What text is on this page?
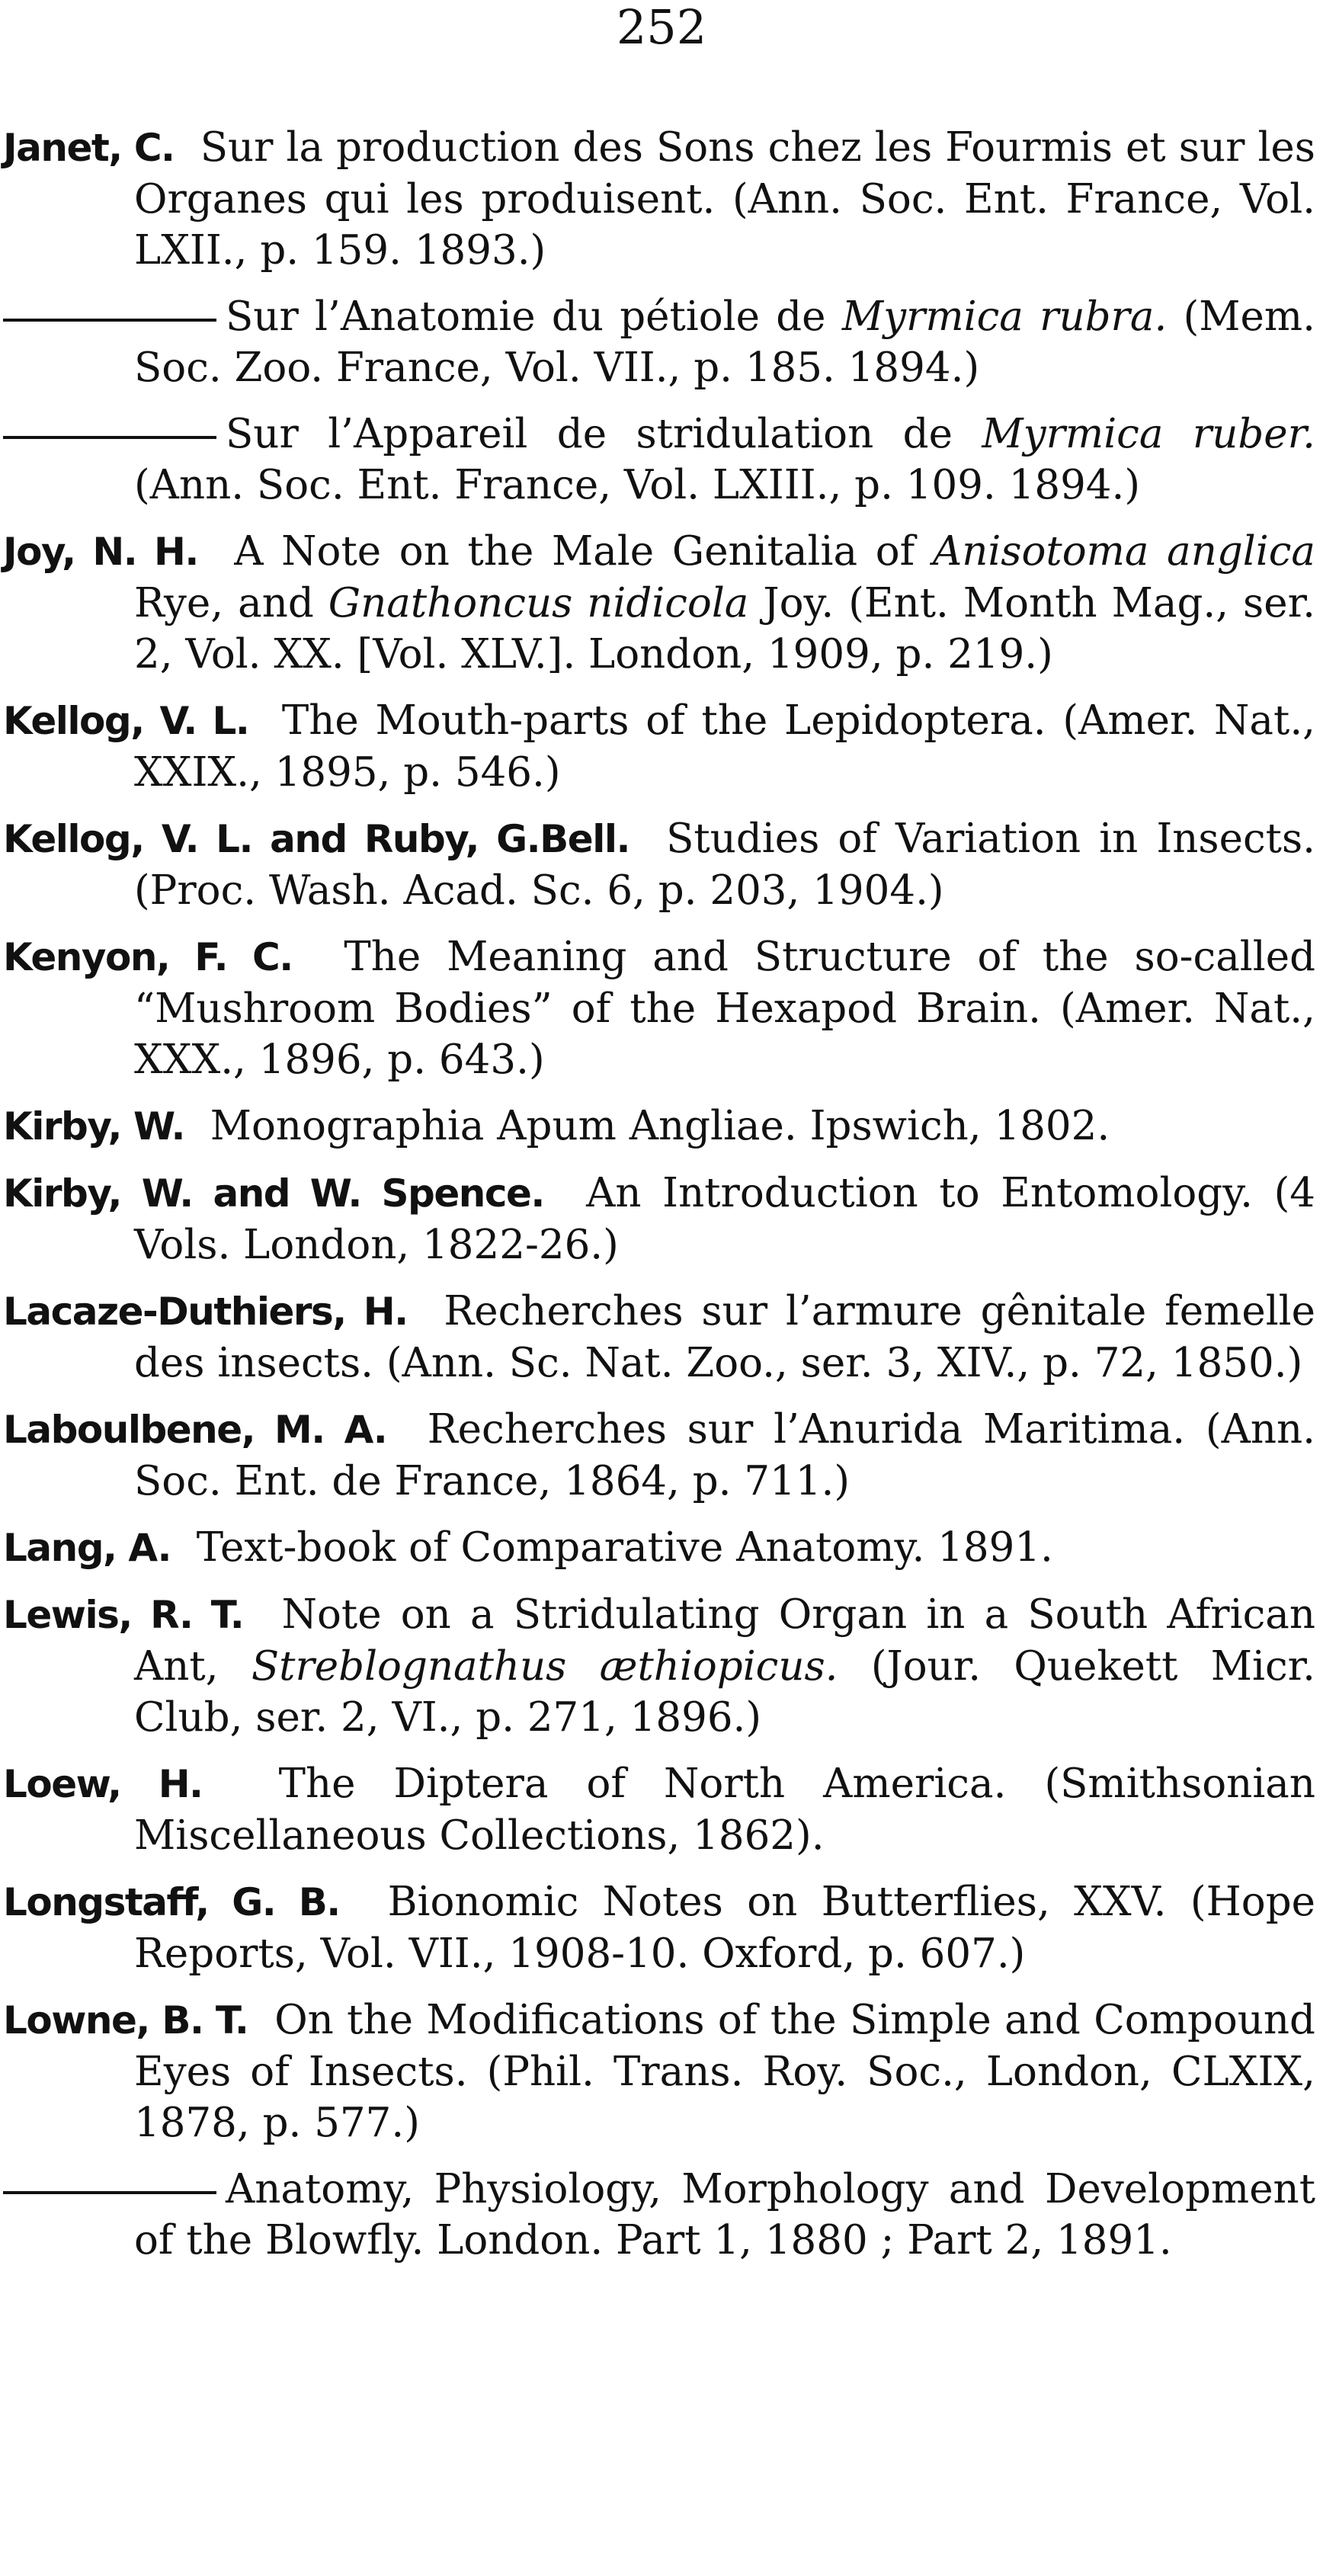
252

Janet, C. Sur la production des Sons chez les Fourmis et sur les Organes qui les produisent. (Ann. Soc. Ent. France, Vol. LXII., p. 159. 1893.)

Sur l’Anatomie du pétiole de Myrmica rubra. (Mem. Soc. Zoo. France, Vol. VII., p. 185. 1894.)

Sur l’Appareil de stridulation de Myrmica ruber. (Ann. Soc. Ent. France, Vol. LXIII., p. 109. 1894.)

Joy, N. H. A Note on the Male Genitalia of Anisotoma anglica Rye, and Gnathoncus nidicola Joy. (Ent. Month Mag., ser. 2, Vol. XX. [Vol. XLV.]. London, 1909, p. 219.)

Kellog, V. L. The Mouth-parts of the Lepidoptera. (Amer. Nat., XXIX., 1895, p. 546.)

Kellog, V. L. and Ruby, G.Bell. Studies of Variation in Insects. (Proc. Wash. Acad. Sc. 6, p. 203, 1904.)

Kenyon, F. C. The Meaning and Structure of the so-called “Mushroom Bodies” of the Hexapod Brain. (Amer. Nat., XXX., 1896, p. 643.)

Kirby, W. Monographia Apum Angliae. Ipswich, 1802.

Kirby, W. and W. Spence. An Introduction to Entomology. (4 Vols. London, 1822-26.)

Lacaze-Duthiers, H. Recherches sur l’armure gênitale femelle des insects. (Ann. Sc. Nat. Zoo., ser. 3, XIV., p. 72, 1850.)

Laboulbene, M. A. Recherches sur l’Anurida Maritima. (Ann. Soc. Ent. de France, 1864, p. 711.)

Lang, A. Text-book of Comparative Anatomy. 1891.

Lewis, R. T. Note on a Stridulating Organ in a South African Ant, Streblognathus æthiopicus. (Jour. Quekett Micr. Club, ser. 2, VI., p. 271, 1896.)

Loew, H. The Diptera of North America. (Smithsonian Miscellaneous Collections, 1862).

Longstaff, G. B. Bionomic Notes on Butterflies, XXV. (Hope Reports, Vol. VII., 1908-10. Oxford, p. 607.)

Lowne, B. T. On the Modifications of the Simple and Compound Eyes of Insects. (Phil. Trans. Roy. Soc., London, CLXIX, 1878, p. 577.)

Anatomy, Physiology, Morphology and Development of the Blowfly. London. Part 1, 1880 ; Part 2, 1891.
